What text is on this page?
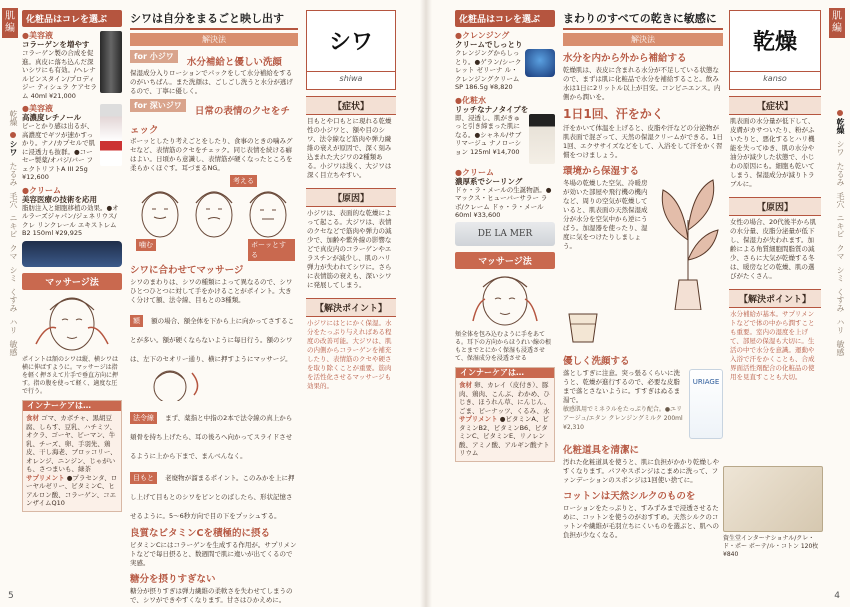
肌編
乾燥
シワ
たるみ
毛穴
ニキビ
クマ
シミ
くすみ
ハリ
敏感
化粧品はコレを選ぶ
●美容液
コラーゲンを増やす
コラーゲン製の合成を促進。真皮に落ち込んだ深いシワにも有効。/ヘレナ ルビンスタイン/プロディジー ティシュラ ケアセラム 40ml ¥21,000
●美容液
高濃度レチノール
ビーとかり感は出るが、高濃度でギツが速かすっかり。ナノ/カプセルで肌に浸透力も抜群。●コーセー製薬/オバジ/バー フェクトリフトA III 25g ¥12,600
●クリーム
美容医療の技術を応用
脂肪注入と細胞移植の効果。●オルラーズジャパン/ジェネリウス/クレ リンクレール エキストレム B2 150ml ¥29,925
マッサージ法
ポイントは額のシワは縦、横シワは横に伸ばすように。マッサージは指を軽く押さえて片手で垂直方向に押す。指の腹を使って軽く、適度な圧で行う。
インナーケアは…
食材 ゴマ、カボチャ、黒胡豆腐、しらす、豆乳、ハチミツ、オクラ、ゴーヤ、ピーマン、牛乳、チーズ、卵、手羽先、鶏皮、干し海老、ブロッコリー、オレンジ、ニンジン、じゃがいも、さつまいも、緑茶
サプリメント ●プラセンタ、ローヤルゼリー、ビタミンC、ヒアルロン酸、コラーゲン、コエンザイムQ10
シワは自分をまるごと映し出す
解決法
for 小ジワ 水分補給と優しい洗顔
保湿成分入りローションでパックをして水分補給をするのがいちばん。また洗顔は、ごしごし洗うと水分が逃げるので、丁寧に優しく。
for 深いジワ 日常の表情のクセをチェック
ボーッとしたり考えごとをしたり、食事のときの噛みグセなど、表情筋のクセをチェック。同じ表情を続ける癖はよい。日頃から意識し、表情筋が硬くなったところを柔らかくほぐす。耳づまるNG。
考える
噛む	ボーッとする
シワに合わせてマッサージ
シワのまわりは、シワの種類によって異なるので、シワひとつひとつに対して手をかけることがポイント。大きく分けて額、法令線、目もとの3種類。
額 額の場合、額全体を下から上に向かってさすることが多い。額が硬くならないように毎日行う。額のシワは、左下のセオリー通り、横に押すようにマッサージ。
法令線 まず、薬指と中指の2本で法令線の真上から頬骨を持ち上げたら、耳の後ろへ向かってスライドさせるように上から下まで、まんべんなく。
目もと 老廃物が溜まるポイント。このみかを上に押し上げて目もとのシワをピンとのばしたら、形状記憶させるように。5〜6秒方向で目の下をプッシュする。
良質なビタミンCを積極的に摂る
ビタミンCにはコラーゲンを生成する作用が。サプリメントなどで毎日摂ると、数週間で肌に違いが出てくるので実感。
糖分を摂りすぎない
糖分が摂りすぎは弾力繊維の柔軟さを失わせてしまうので、シワができやすくなります。甘さはひかえめに。
シワ
shiwa
【症状】
目もとや口もとに現れる乾燥性の小ジワと、額や目のシワ、法令線など筋肉や弾力繊維の衰えが原因で、深く刻み込まれた大ジワの2種類ある。小ジワは浅く、大ジワは深く目立ちやすい。
【原因】
小ジワは、表面的な乾燥によって起こる。大ジワは、表情のクセなどで筋肉や弾力の減少で、加齢や紫外線の影響などで真皮内のコラーゲンやエラスチンが減少し、肌のハリ弾力が失われてシワに。さらに表情筋の衰えも、深いシワに発展してしまう。
【解決ポイント】
小ジワにはとにかく保湿。水分をたっぷり与えればある程度の改善可能。大ジワは、肌の内側からコラーゲンを補充したり、表情筋のクセや硬さを取り除くことが重要。筋肉を活性化させるマッサージも効果的。
5
化粧品はコレを選ぶ
●クレンジング
クリームでしっとり
クレンジングからしっとり。●ゲラン/シークレット ゼリーナ ル・クレンジングクリーム SP 186.5g ¥8,820
●化粧水
リッチなナノタイプを
即、浸透し、肌がきゅっと引き締まった肌になる。●シャネル/サブリマージュ ナノローション 125ml ¥14,700
●クリーム
濃厚系でシーリング
ドゥ・ラ・メールの生誕物語。●マックス・ヒューバーサラー ラボ/クレーム ドゥ・ラ・メール 60ml ¥33,600
DE LA MER
マッサージ法
頬全体を包み込むように手をあてる。耳下の方向からほうれい線の根もとまでとにかく保湿も浸透させて、保湿成分を浸透させる
インナーケアは…
食材 卵、カレイ（皮付き）、豚肉、鶏肉、こんぶ、わかめ、ひじき、ほうれん草、にんじん、ごま、ピーナッツ、くるみ、水
サプリメント ●ビタミンA、ビタミンB2、ビタミンB6、ビタミンC、ビタミンE、リノレン酸、アミノ酸、アルギン酸ナトリウム
まわりのすべての乾きに敏感に
解決法
水分を内から外から補給する
乾燥肌は、表皮に含まれる水分が不足している状態なので、まずは肌に化粧品で水分を補給すること。飲み水は1日に2リットル以上が目安。コンビニエンス。内側から潤いを。
1日1回、汗をかく
汗をかいて体温を上げると、皮脂や汗などの分泌物が肌表面で混ざって、天然の保湿クリームができる。1日1回、エクササイズなどをして、入浴をして汗をかく習慣をつけましょう。
環境から保湿する
冬場の乾燥した空気、冷暖房が効いた部屋や飛行機の機内など、周りの空気が乾燥していると、肌表面の天然保湿成分が水分を空気中から逆にうばう。加湿器を使ったり、湿度に気をつけたりしましょう。
優しく洗顔する
落としすぎに注意。突っ張るくらいに洗うと、乾燥が進行するので、必要な皮脂まで落とさないように。すすぎはぬるま湯で。
敏感肌用でミネラルをたっぷり配合。●ユリアージュ/エタン クレンジングミルク 200ml ¥2,310
URIAGE
化粧道具を清潔に
汚れた化粧道具を使うと、肌に負担がかかり乾燥しやすくなります。パフやスポンジはこまめに洗って、ファンデーションのスポンジは1回使い捨てに。
コットンは天然シルクのものを
ローションをたっぷりと、すみずみまで浸透させるために、コットンを使うのがおすすめ。天然シルクのコットンや繊維が毛羽立ちにくいものを選ぶと、肌への負担が少なくなる。
乾燥
kanso
【症状】
肌表面の水分量が低下して、皮膚がカサついたり、粉がふいたりと、悪化するとハリ機能を失ってゆき、肌の水分や油分が減少した状態で、小じわの原因にも。細胞も乾いてしまう、保湿成分が減りトラブルに。
【原因】
女性の場合、20代後半から肌の水分量、皮脂分泌量が低下し、保湿力が失われます。加齢による角質細胞間脂質の減少、さらに大気が乾燥する冬は、暖房などの乾燥、肌の選びがたくさん。
【解決ポイント】
水分補給が基本。サプリメントなどで体の中から潤すことも重要。室内の湿度を上げて、部屋の保湿も大切に。生活の中で水分を意識。運動や入浴で汗をかくことも、合成界面活性剤配合の化粧品の使用を見直すことも大切。
資生堂インターナショナル/クレ・ド・ポー ボーテ/ル・コトン 120枚 ¥840
肌編
乾燥
シワ
たるみ
毛穴
ニキビ
クマ
シミ
くすみ
ハリ
敏感
4
